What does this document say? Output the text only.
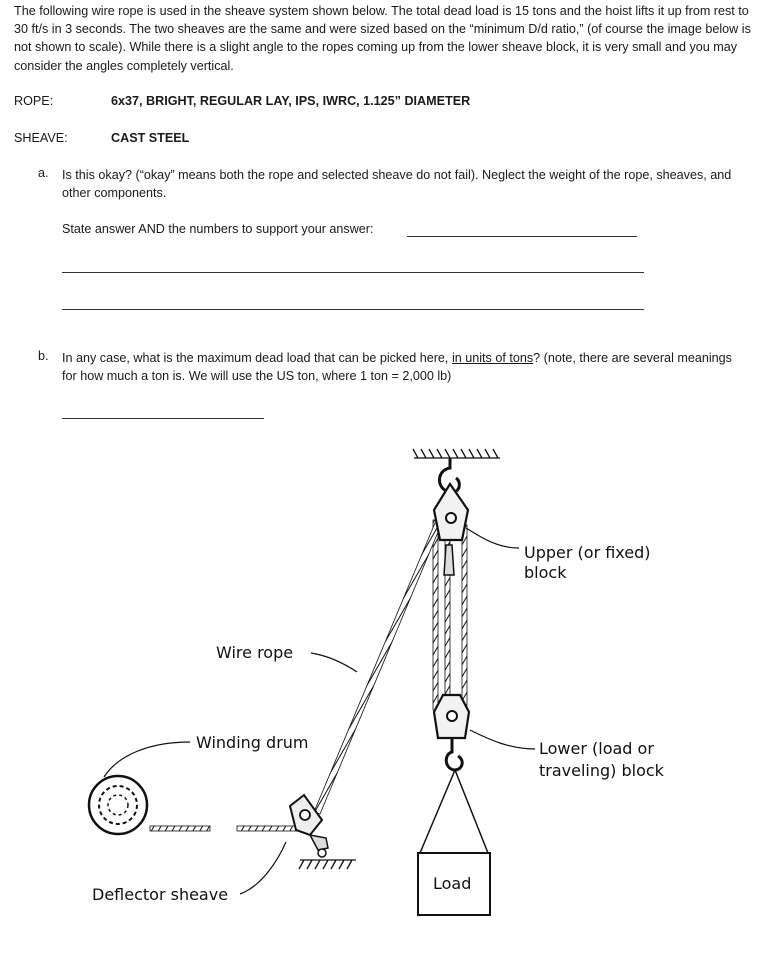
The following wire rope is used in the sheave system shown below. The total dead load is 15 tons and the hoist lifts it up from rest to 30 ft/s in 3 seconds. The two sheaves are the same and were sized based on the “minimum D/d ratio,” (of course the image below is not shown to scale). While there is a slight angle to the ropes coming up from the lower sheave block, it is very small and you may consider the angles completely vertical.

ROPE:	6x37, BRIGHT, REGULAR LAY, IPS, IWRC, 1.125” DIAMETER
SHEAVE:	CAST STEEL
a. Is this okay? (“okay” means both the rope and selected sheave do not fail). Neglect the weight of the rope, sheaves, and other components.

State answer AND the numbers to support your answer:
b. In any case, what is the maximum dead load that can be picked here, in units of tons? (note, there are several meanings for how much a ton is. We will use the US ton, where 1 ton = 2,000 lb)

Load
Upper (or fixed)
block
Wire rope
Winding drum	Lower (load or
traveling) block
Deflector sheave
